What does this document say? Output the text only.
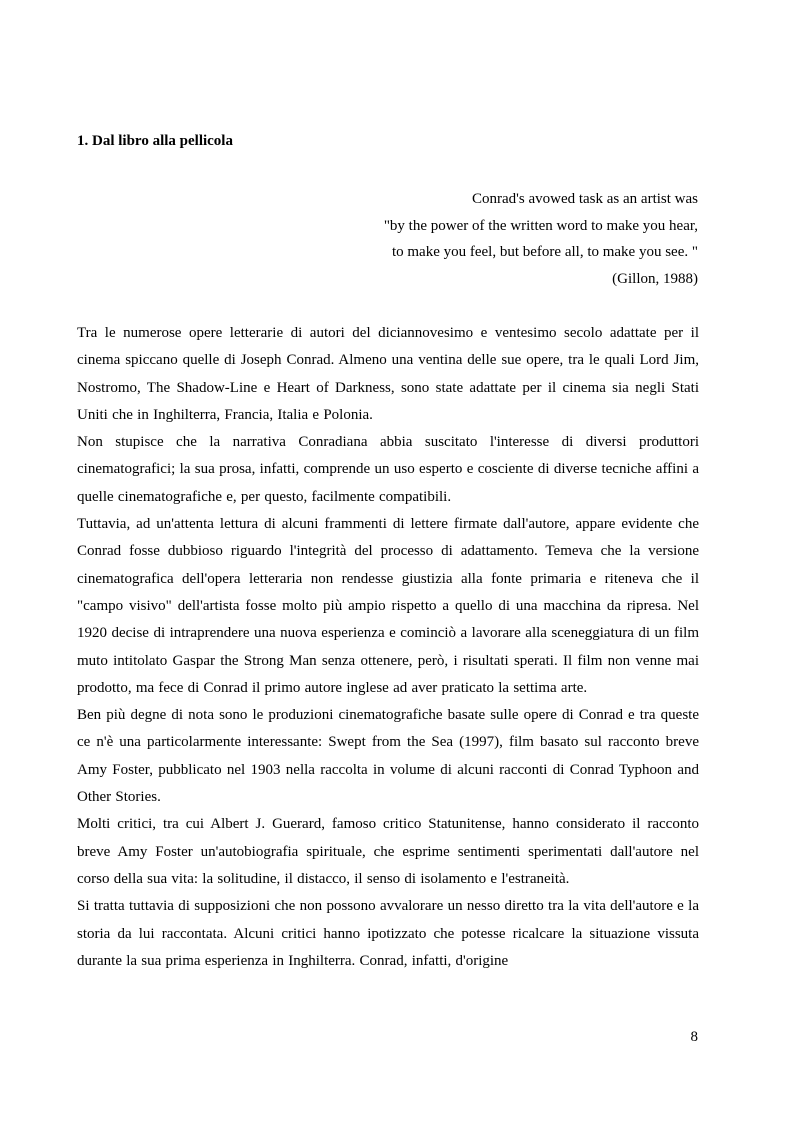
1. Dal libro alla pellicola
Conrad's avowed task as an artist was
"by the power of the written word to make you hear,
to make you feel, but before all, to make you see. "
(Gillon, 1988)

Tra le numerose opere letterarie di autori del diciannovesimo e ventesimo secolo adattate per il cinema spiccano quelle di Joseph Conrad. Almeno una ventina delle sue opere, tra le quali Lord Jim, Nostromo, The Shadow-Line e Heart of Darkness, sono state adattate per il cinema sia negli Stati Uniti che in Inghilterra, Francia, Italia e Polonia.

Non stupisce che la narrativa Conradiana abbia suscitato l'interesse di diversi produttori cinematografici; la sua prosa, infatti, comprende un uso esperto e cosciente di diverse tecniche affini a quelle cinematografiche e, per questo, facilmente compatibili.

Tuttavia, ad un'attenta lettura di alcuni frammenti di lettere firmate dall'autore, appare evidente che Conrad fosse dubbioso riguardo l'integrità del processo di adattamento. Temeva che la versione cinematografica dell'opera letteraria non rendesse giustizia alla fonte primaria e riteneva che il "campo visivo" dell'artista fosse molto più ampio rispetto a quello di una macchina da ripresa. Nel 1920 decise di intraprendere una nuova esperienza e cominciò a lavorare alla sceneggiatura di un film muto intitolato Gaspar the Strong Man senza ottenere, però, i risultati sperati. Il film non venne mai prodotto, ma fece di Conrad il primo autore inglese ad aver praticato la settima arte.

Ben più degne di nota sono le produzioni cinematografiche basate sulle opere di Conrad e tra queste ce n'è una particolarmente interessante: Swept from the Sea (1997), film basato sul racconto breve Amy Foster, pubblicato nel 1903 nella raccolta in volume di alcuni racconti di Conrad Typhoon and Other Stories.

Molti critici, tra cui Albert J. Guerard, famoso critico Statunitense, hanno considerato il racconto breve Amy Foster un'autobiografia spirituale, che esprime sentimenti sperimentati dall'autore nel corso della sua vita: la solitudine, il distacco, il senso di isolamento e l'estraneità.

Si tratta tuttavia di supposizioni che non possono avvalorare un nesso diretto tra la vita dell'autore e la storia da lui raccontata. Alcuni critici hanno ipotizzato che potesse ricalcare la situazione vissuta durante la sua prima esperienza in Inghilterra. Conrad, infatti, d'origine

8
